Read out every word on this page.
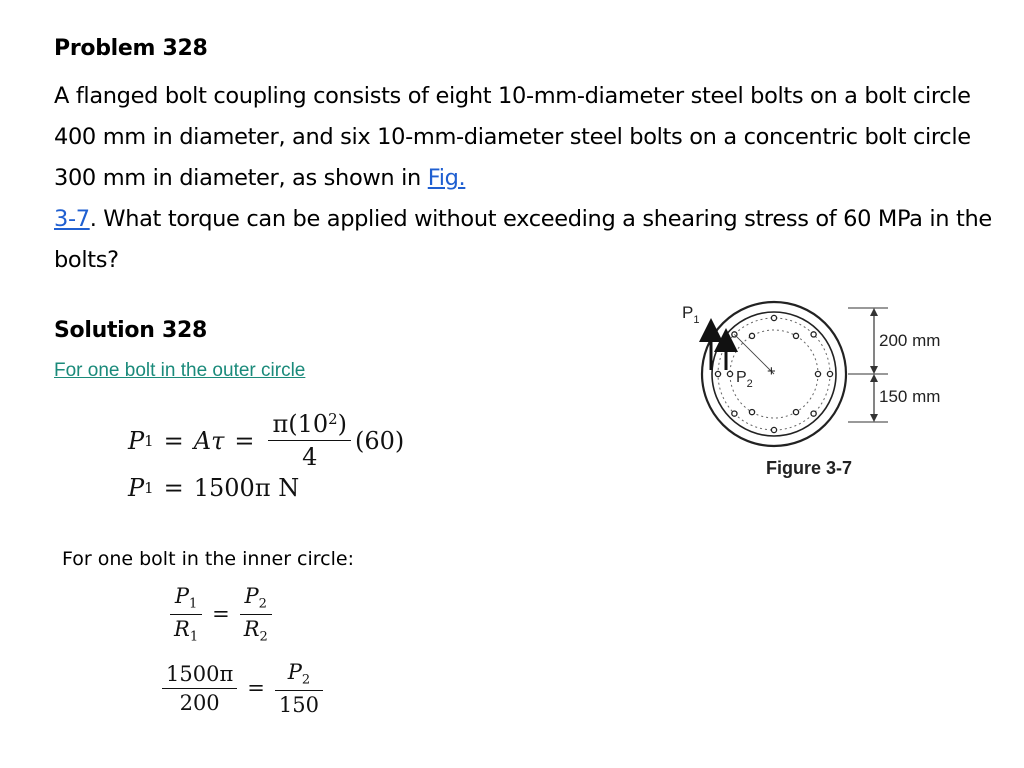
Problem 328
A flanged bolt coupling consists of eight 10-mm-diameter steel bolts on a bolt circle 400 mm in diameter, and six 10-mm-diameter steel bolts on a concentric bolt circle 300 mm in diameter, as shown in Fig.
3-7. What torque can be applied without exceeding a shearing stress of 60 MPa in the bolts?
Solution 328
For one bolt in the outer circle
P $1 = A\tau = \frac{\pi(10^2)}{4} (60)$
P 1 = 1500π N
For one bolt in the inner circle:
$\frac{P_1}{R_1} = \frac{P_2}{R_2}$
$\frac{1500\pi}{200} = \frac{P_2}{150}$
$P_1$
$P_2$
+
200 mm
150 mm
Figure 3-7
